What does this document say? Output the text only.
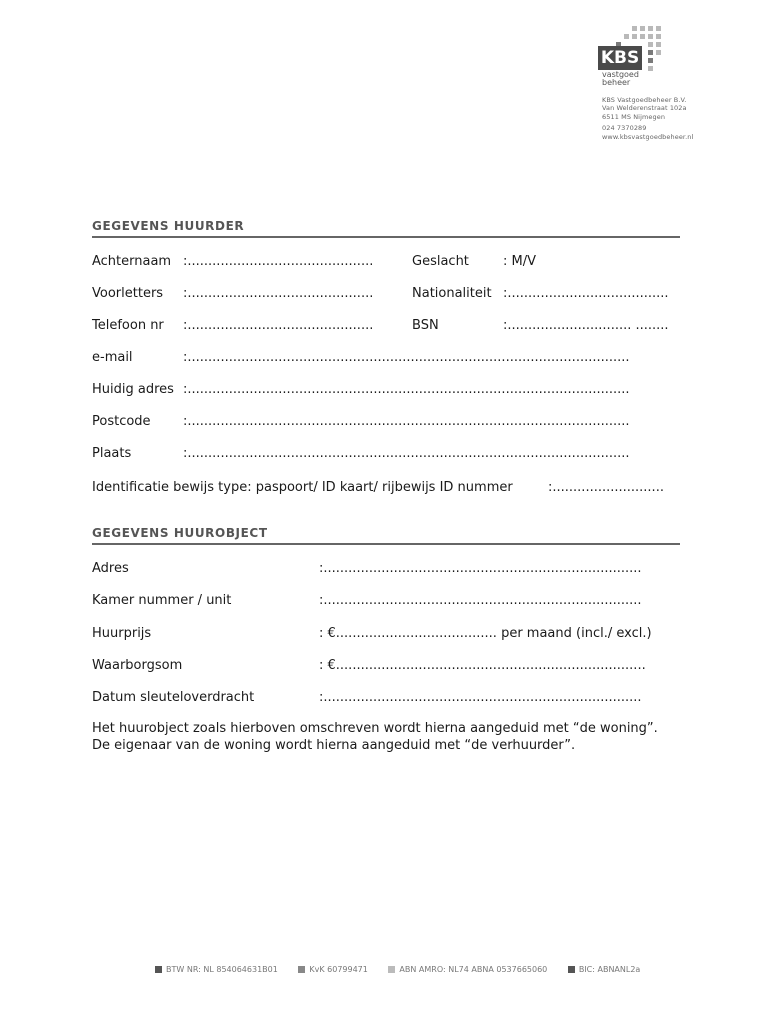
KBS
vastgoed
beheer
KBS Vastgoedbeheer B.V.
Van Welderenstraat 102a
6511 MS Nijmegen
024 7370289
www.kbsvastgoedbeheer.nl
GEGEVENS HUURDER
Achternaam :.............................................	Geslacht	: M/V
Voorletters :.............................................	Nationaliteit :.......................................
Telefoon nr :.............................................	BSN	:.............................. ........
e-mail	:...........................................................................................................
Huidig adres :...........................................................................................................
Postcode :...........................................................................................................
Plaats	:...........................................................................................................
Identificatie bewijs type: paspoort/ ID kaart/ rijbewijs ID nummer	:...........................
GEGEVENS HUUROBJECT
Adres	:.............................................................................
Kamer nummer / unit	:.............................................................................
Huurprijs	: €....................................... per maand (incl./ excl.)
Waarborgsom	: €...........................................................................
Datum sleuteloverdracht	:.............................................................................
Het huurobject zoals hierboven omschreven wordt hierna aangeduid met “de woning”.
De eigenaar van de woning wordt hierna aangeduid met “de verhuurder”.
BTW NR: NL 854064631B01	KvK 60799471	ABN AMRO: NL74 ABNA 0537665060	BIC: ABNANL2a
